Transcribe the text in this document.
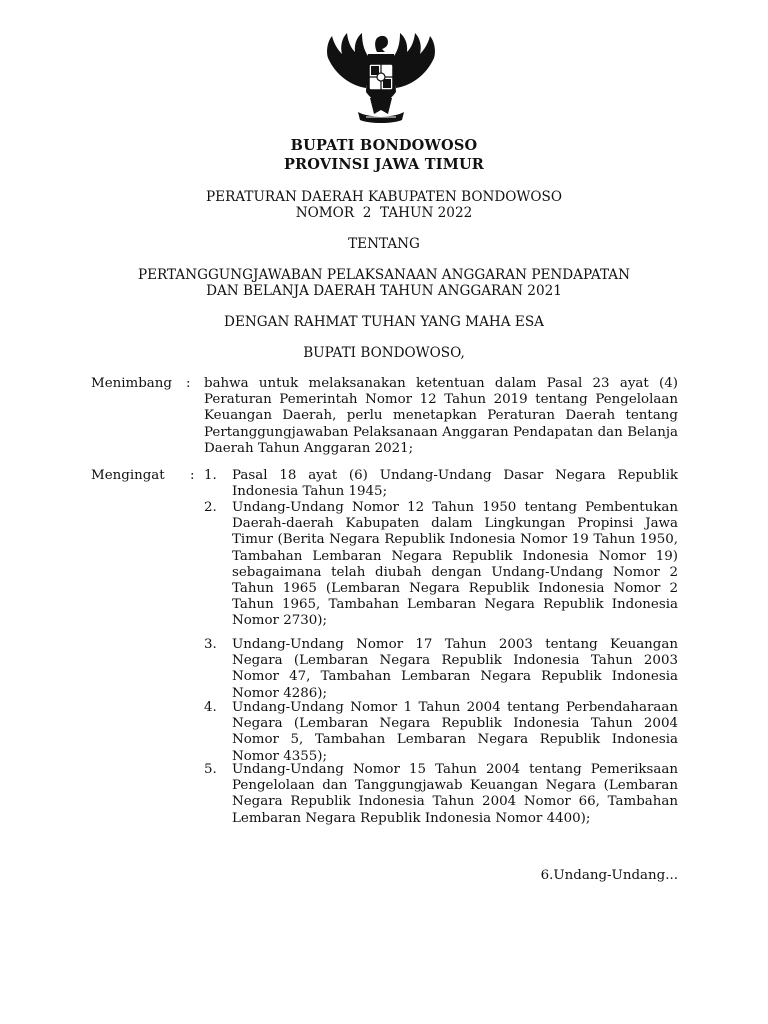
BUPATI BONDOWOSO
PROVINSI JAWA TIMUR
PERATURAN DAERAH KABUPATEN BONDOWOSO
NOMOR  2  TAHUN 2022
TENTANG
PERTANGGUNGJAWABAN PELAKSANAAN ANGGARAN PENDAPATAN
DAN BELANJA DAERAH TAHUN ANGGARAN 2021
DENGAN RAHMAT TUHAN YANG MAHA ESA
BUPATI BONDOWOSO,
Menimbang : bahwa untuk melaksanakan ketentuan dalam Pasal 23 ayat (4) Peraturan Pemerintah Nomor 12 Tahun 2019 tentang Pengelolaan Keuangan Daerah, perlu menetapkan Peraturan Daerah tentang Pertanggungjawaban Pelaksanaan Anggaran Pendapatan dan Belanja Daerah Tahun Anggaran 2021;
Mengingat : 1.	Pasal 18 ayat (6) Undang-Undang Dasar Negara Republik Indonesia Tahun 1945;
2.	Undang-Undang Nomor 12 Tahun 1950 tentang Pembentukan Daerah-daerah Kabupaten dalam Lingkungan Propinsi Jawa Timur (Berita Negara Republik Indonesia Nomor 19 Tahun 1950, Tambahan Lembaran Negara Republik Indonesia Nomor 19) sebagaimana telah diubah dengan Undang-Undang Nomor 2 Tahun 1965 (Lembaran Negara Republik Indonesia Nomor 2 Tahun 1965, Tambahan Lembaran Negara Republik Indonesia Nomor 2730);
3.	Undang-Undang Nomor 17 Tahun 2003 tentang Keuangan Negara (Lembaran Negara Republik Indonesia Tahun 2003 Nomor 47, Tambahan Lembaran Negara Republik Indonesia Nomor 4286);
4.	Undang-Undang Nomor 1 Tahun 2004 tentang Perbendaharaan Negara (Lembaran Negara Republik Indonesia Tahun 2004 Nomor 5, Tambahan Lembaran Negara Republik Indonesia Nomor 4355);
5.	Undang-Undang Nomor 15 Tahun 2004 tentang Pemeriksaan Pengelolaan dan Tanggungjawab Keuangan Negara (Lembaran Negara Republik Indonesia Tahun 2004 Nomor 66, Tambahan Lembaran Negara Republik Indonesia Nomor 4400);
6.Undang-Undang...
